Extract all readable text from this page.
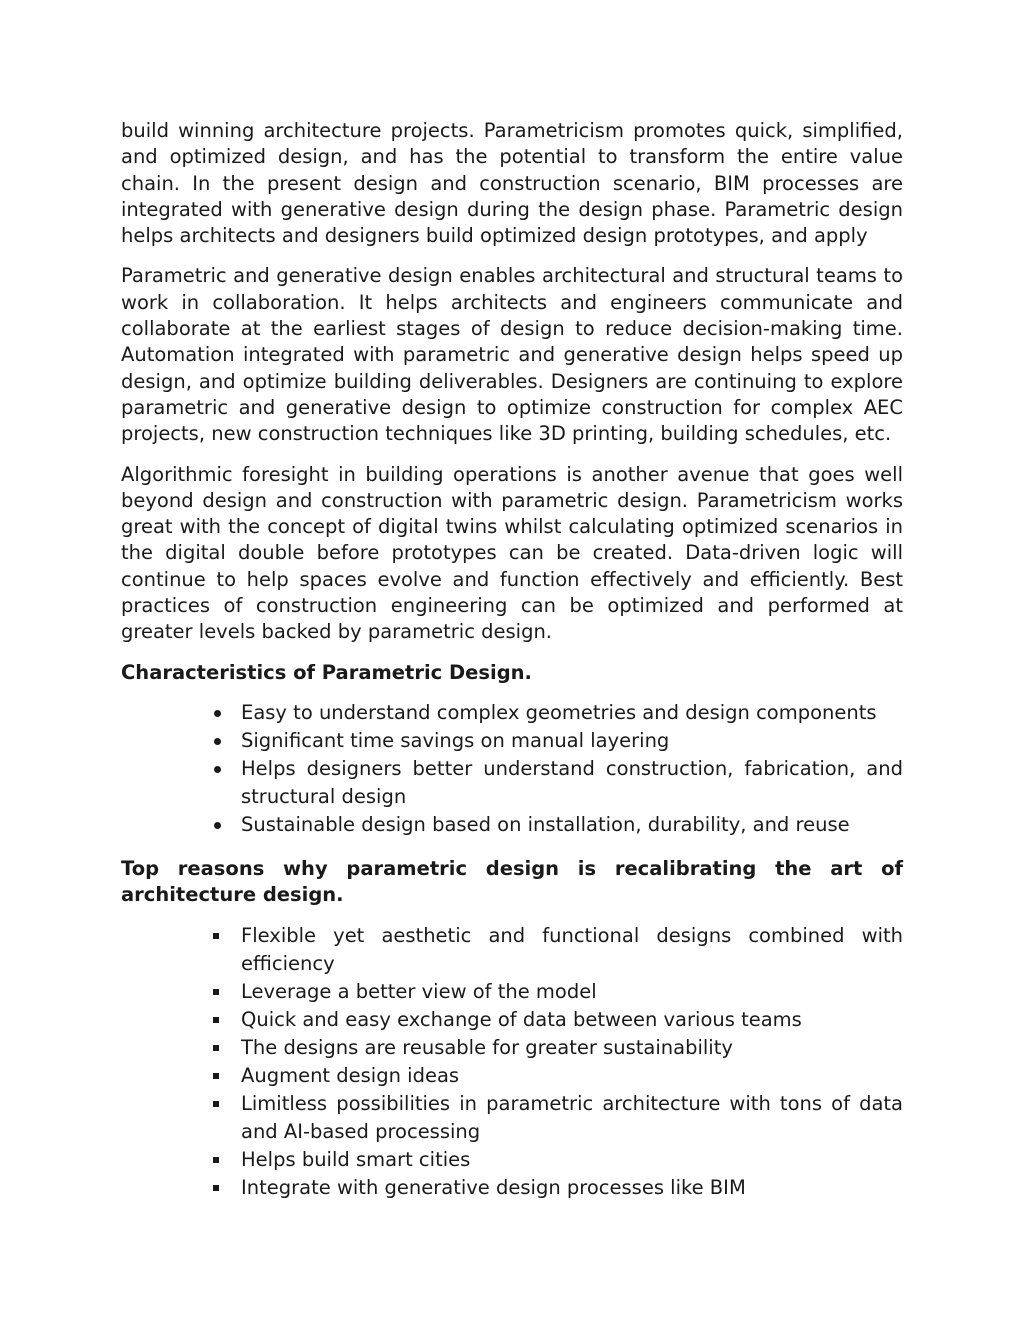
build winning architecture projects. Parametricism promotes quick, simplified, and optimized design, and has the potential to transform the entire value chain. In the present design and construction scenario, BIM processes are integrated with generative design during the design phase. Parametric design helps architects and designers build optimized design prototypes, and apply

Parametric and generative design enables architectural and structural teams to work in collaboration. It helps architects and engineers communicate and collaborate at the earliest stages of design to reduce decision-making time. Automation integrated with parametric and generative design helps speed up design, and optimize building deliverables. Designers are continuing to explore parametric and generative design to optimize construction for complex AEC projects, new construction techniques like 3D printing, building schedules, etc.

Algorithmic foresight in building operations is another avenue that goes well beyond design and construction with parametric design. Parametricism works great with the concept of digital twins whilst calculating optimized scenarios in the digital double before prototypes can be created. Data-driven logic will continue to help spaces evolve and function effectively and efficiently. Best practices of construction engineering can be optimized and performed at greater levels backed by parametric design.

Characteristics of Parametric Design.
Easy to understand complex geometries and design components
Significant time savings on manual layering
Helps designers better understand construction, fabrication, and structural design
Sustainable design based on installation, durability, and reuse
Top reasons why parametric design is recalibrating the art of architecture design.
Flexible yet aesthetic and functional designs combined with efficiency
Leverage a better view of the model
Quick and easy exchange of data between various teams
The designs are reusable for greater sustainability
Augment design ideas
Limitless possibilities in parametric architecture with tons of data and AI-based processing
Helps build smart cities
Integrate with generative design processes like BIM
